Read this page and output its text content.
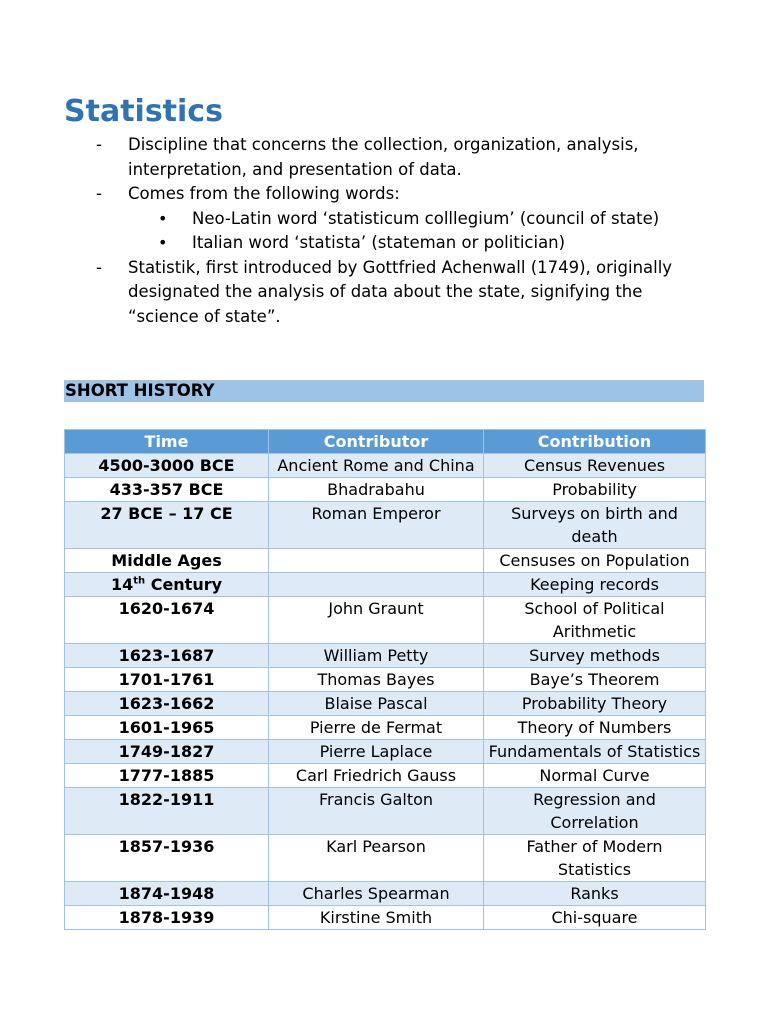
Statistics
- Discipline that concerns the collection, organization, analysis, interpretation, and presentation of data.
- Comes from the following words:
• Neo-Latin word ‘statisticum colllegium’ (council of state)
• Italian word ‘statista’ (stateman or politician)
- Statistik, first introduced by Gottfried Achenwall (1749), originally designated the analysis of data about the state, signifying the “science of state”.
SHORT HISTORY
Time	Contributor	Contribution
4500-3000 BCE	Ancient Rome and China	Census Revenues
433-357 BCE	Bhadrabahu	Probability
27 BCE – 17 CE	Roman Emperor	Surveys on birth and death
Middle Ages		Censuses on Population
14th Century		Keeping records
1620-1674	John Graunt	School of Political Arithmetic
1623-1687	William Petty	Survey methods
1701-1761	Thomas Bayes	Baye’s Theorem
1623-1662	Blaise Pascal	Probability Theory
1601-1965	Pierre de Fermat	Theory of Numbers
1749-1827	Pierre Laplace	Fundamentals of Statistics
1777-1885	Carl Friedrich Gauss	Normal Curve
1822-1911	Francis Galton	Regression and Correlation
1857-1936	Karl Pearson	Father of Modern Statistics
1874-1948	Charles Spearman	Ranks
1878-1939	Kirstine Smith	Chi-square
